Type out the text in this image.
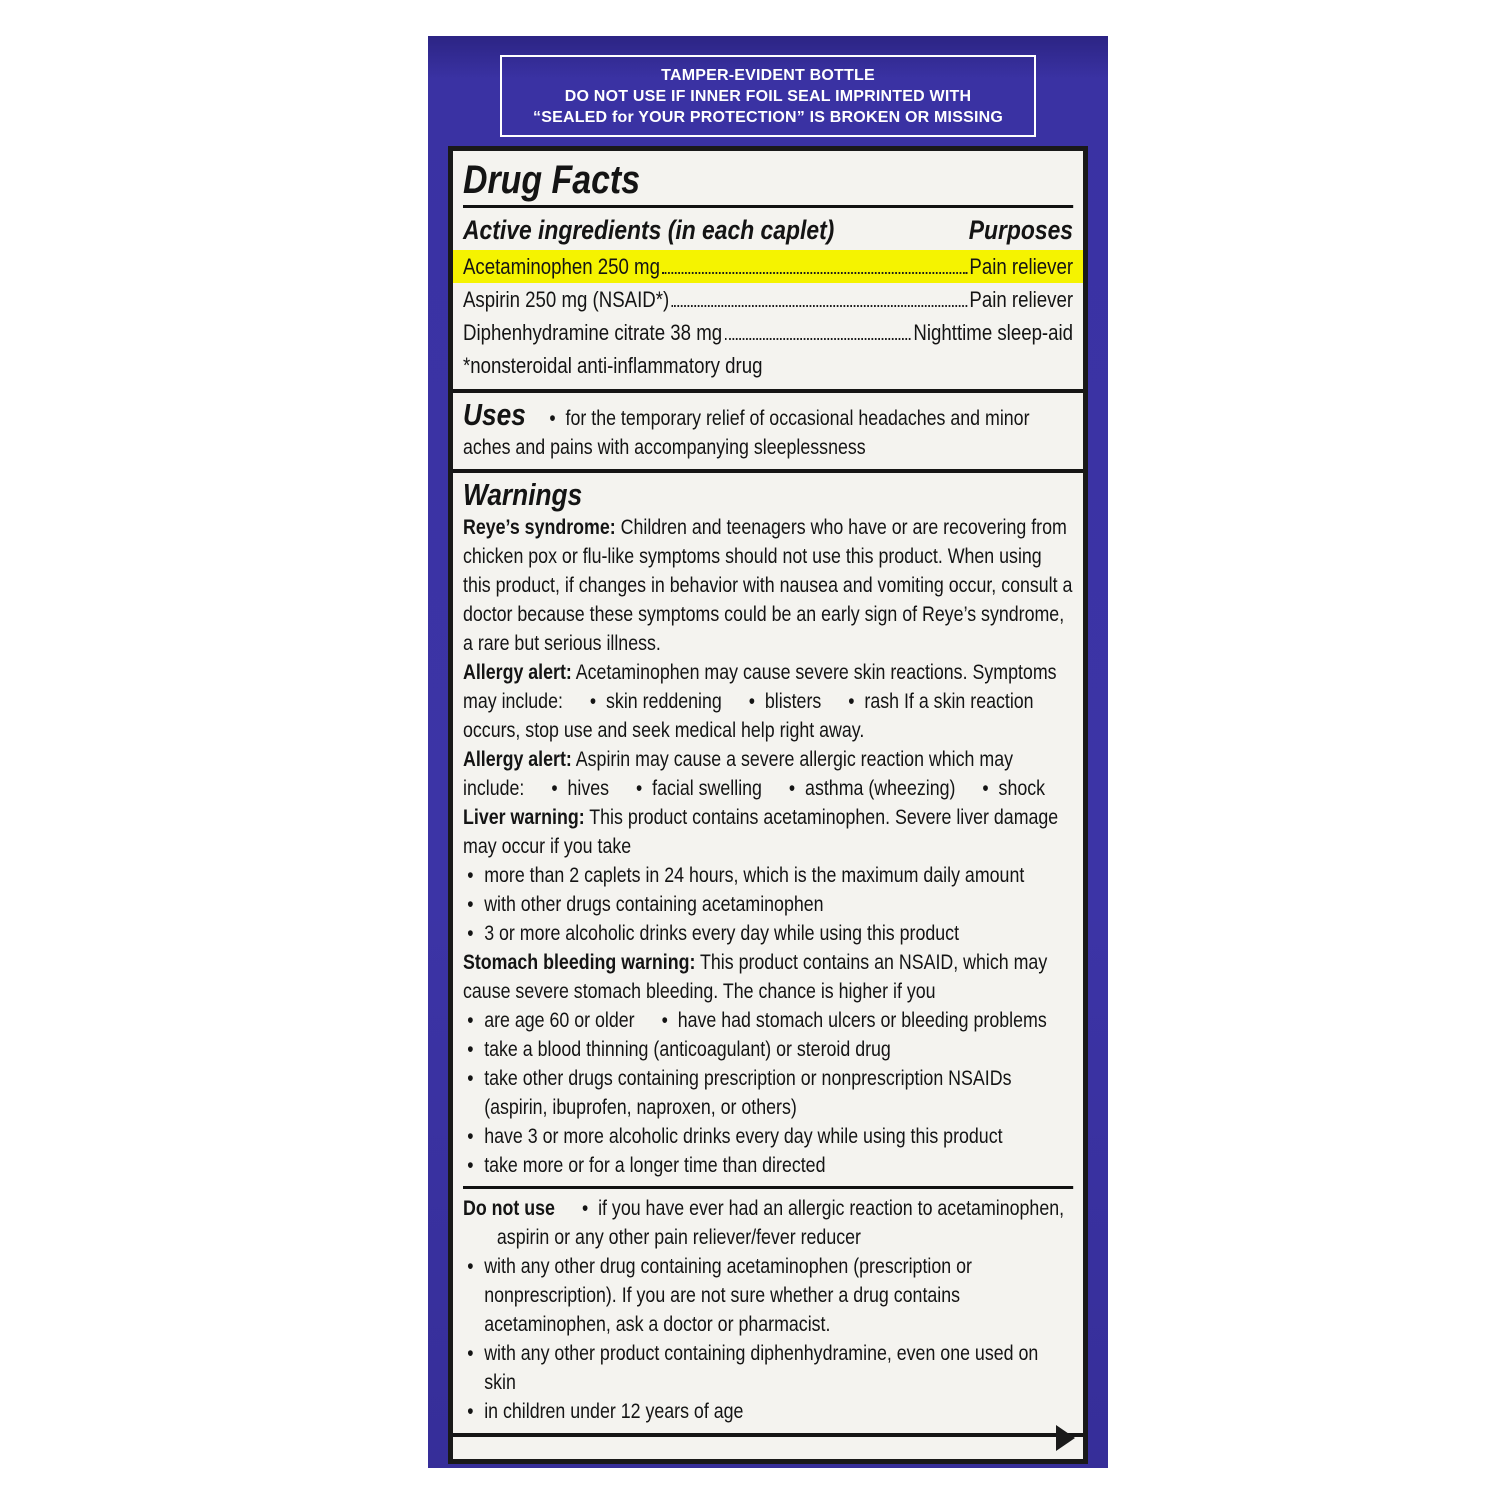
TAMPER-EVIDENT BOTTLE
DO NOT USE IF INNER FOIL SEAL IMPRINTED WITH
“SEALED for YOUR PROTECTION” IS BROKEN OR MISSING
Drug Facts
Active ingredients (in each caplet)	Purposes
Acetaminophen 250 mg	Pain reliever
Aspirin 250 mg (NSAID*)	Pain reliever
Diphenhydramine citrate 38 mg	Nighttime sleep-aid
*nonsteroidal anti-inflammatory drug

Uses •  for the temporary relief of occasional headaches and minor aches and pains with accompanying sleeplessness

Warnings

Reye’s syndrome: Children and teenagers who have or are recovering from chicken pox or flu-like symptoms should not use this product. When using this product, if changes in behavior with nausea and vomiting occur, consult a doctor because these symptoms could be an early sign of Reye’s syndrome, a rare but serious illness.

Allergy alert: Acetaminophen may cause severe skin reactions. Symptoms may include: •  skin reddening •  blisters •  rash If a skin reaction occurs, stop use and seek medical help right away.

Allergy alert: Aspirin may cause a severe allergic reaction which may include: •  hives •  facial swelling •  asthma (wheezing) •  shock

Liver warning: This product contains acetaminophen. Severe liver damage may occur if you take

• more than 2 caplets in 24 hours, which is the maximum daily amount
• with other drugs containing acetaminophen
• 3 or more alcoholic drinks every day while using this product

Stomach bleeding warning: This product contains an NSAID, which may cause severe stomach bleeding. The chance is higher if you

• are age 60 or older •  have had stomach ulcers or bleeding problems
• take a blood thinning (anticoagulant) or steroid drug
• take other drugs containing prescription or nonprescription NSAIDs (aspirin, ibuprofen, naproxen, or others)
• have 3 or more alcoholic drinks every day while using this product
• take more or for a longer time than directed

Do not use •  if you have ever had an allergic reaction to acetaminophen, aspirin or any other pain reliever/fever reducer

• with any other drug containing acetaminophen (prescription or nonprescription). If you are not sure whether a drug contains acetaminophen, ask a doctor or pharmacist.
• with any other product containing diphenhydramine, even one used on skin
• in children under 12 years of age
